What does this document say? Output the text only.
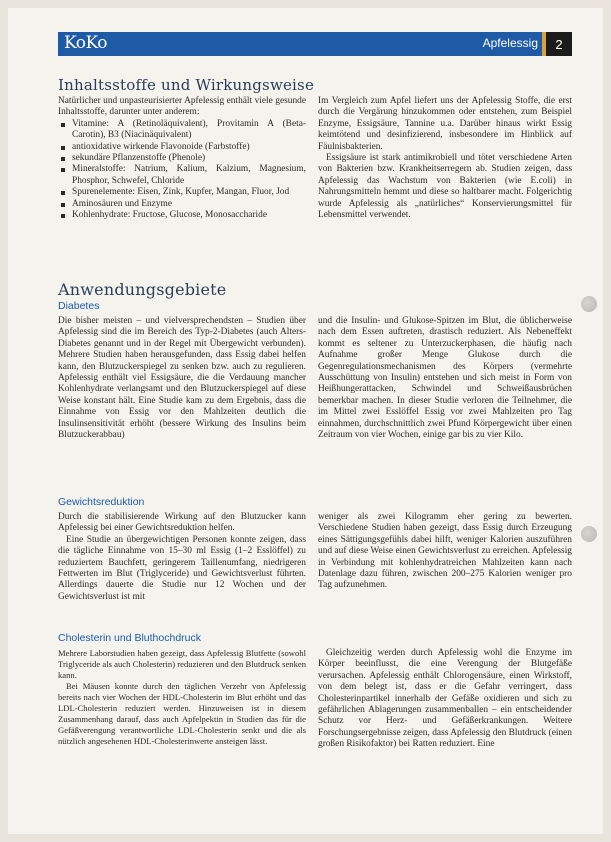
KoKo	Apfelessig	2
Inhaltsstoffe und Wirkungsweise

Natürlicher und unpasteurisierter Apfelessig enthält viele gesunde Inhaltsstoffe, darunter unter anderem:

Vitamine: A (Retinoläquivalent), Provitamin A (Beta-Carotin), B3 (Niacinäquivalent)
antioxidative wirkende Flavonoide (Farbstoffe)
sekundäre Pflanzenstoffe (Phenole)
Mineralstoffe: Natrium, Kalium, Kalzium, Magnesium, Phosphor, Schwefel, Chloride
Spurenelemente: Eisen, Zink, Kupfer, Mangan, Fluor, Jod
Aminosäuren und Enzyme
Kohlenhydrate: Fructose, Glucose, Monosaccharide

Im Vergleich zum Apfel liefert uns der Apfelessig Stoffe, die erst durch die Vergärung hinzukommen oder entstehen, zum Beispiel Enzyme, Essigsäure, Tannine u.a. Darüber hinaus wirkt Essig keimtötend und desinfizierend, insbesondere im Hinblick auf Fäulnisbakterien.

Essigsäure ist stark antimikrobiell und tötet verschiedene Arten von Bakterien bzw. Krankheitserregern ab. Studien zeigen, dass Apfelessig das Wachstum von Bakterien (wie E.coli) in Nahrungsmitteln hemmt und diese so haltbarer macht. Folgerichtig wurde Apfelessig als „natürliches“ Konservierungsmittel für Lebensmittel verwendet.

Anwendungsgebiete
Diabetes

Die bisher meisten – und vielversprechendsten – Studien über Apfelessig sind die im Bereich des Typ-2-Diabetes (auch Alters-Diabetes genannt und in der Regel mit Übergewicht verbunden). Mehrere Studien haben herausgefunden, dass Essig dabei helfen kann, den Blutzuckerspiegel zu senken bzw. auch zu regulieren. Apfelessig enthält viel Essigsäure, die die Verdauung mancher Kohlenhydrate verlangsamt und den Blutzuckerspiegel auf diese Weise konstant hält. Eine Studie kam zu dem Ergebnis, dass die Einnahme von Essig vor den Mahlzeiten deutlich die Insulinsensitivität erhöht (bessere Wirkung des Insulins beim Blutzuckerabbau)

und die Insulin- und Glukose-Spitzen im Blut, die üblicherweise nach dem Essen auftreten, drastisch reduziert. Als Nebeneffekt kommt es seltener zu Unterzuckerphasen, die häufig nach Aufnahme großer Menge Glukose durch die Gegenregulationsmechanismen des Körpers (vermehrte Ausschüttung von Insulin) entstehen und sich meist in Form von Heißhungerattacken, Schwindel und Schweißausbrüchen bemerkbar machen. In dieser Studie verloren die Teilnehmer, die im Mittel zwei Esslöffel Essig vor zwei Mahlzeiten pro Tag einnahmen, durchschnittlich zwei Pfund Körpergewicht über einen Zeitraum von vier Wochen, einige gar bis zu vier Kilo.

Gewichtsreduktion

Durch die stabilisierende Wirkung auf den Blutzucker kann Apfelessig bei einer Gewichtsreduktion helfen.

Eine Studie an übergewichtigen Personen konnte zeigen, dass die tägliche Einnahme von 15–30 ml Essig (1–2 Esslöffel) zu reduziertem Bauchfett, geringerem Taillenumfang, niedrigeren Fettwerten im Blut (Triglyceride) und Gewichtsverlust führten. Allerdings dauerte die Studie nur 12 Wochen und der Gewichtsverlust ist mit

weniger als zwei Kilogramm eher gering zu bewerten. Verschiedene Studien haben gezeigt, dass Essig durch Erzeugung eines Sättigungsgefühls dabei hilft, weniger Kalorien auszuführen und auf diese Weise einen Gewichtsverlust zu erreichen. Apfelessig in Verbindung mit kohlenhydratreichen Mahlzeiten kann nach Datenlage dazu führen, zwischen 200–275 Kalorien weniger pro Tag aufzunehmen.

Cholesterin und Bluthochdruck

Mehrere Laborstudien haben gezeigt, dass Apfelessig Blutfette (sowohl Triglyceride als auch Cholesterin) reduzieren und den Blutdruck senken kann.

Bei Mäusen konnte durch den täglichen Verzehr von Apfelessig bereits nach vier Wochen der HDL-Cholesterin im Blut erhöht und das LDL-Cholesterin reduziert werden. Hinzuweisen ist in diesem Zusammenhang darauf, dass auch Apfelpektin in Studien das für die Gefäßverengung verantwortliche LDL-Cholesterin senkt und die als nützlich angesehenen HDL-Cholesterinwerte ansteigen lässt.

Gleichzeitig werden durch Apfelessig wohl die Enzyme im Körper beeinflusst, die eine Verengung der Blutgefäße verursachen. Apfelessig enthält Chlorogensäure, einen Wirkstoff, von dem belegt ist, dass er die Gefahr verringert, dass Cholesterinpartikel innerhalb der Gefäße oxidieren und sich zu gefährlichen Ablagerungen zusammenballen – ein entscheidender Schutz vor Herz- und Gefäßerkrankungen. Weitere Forschungsergebnisse zeigen, dass Apfelessig den Blutdruck (einen großen Risikofaktor) bei Ratten reduziert. Eine
